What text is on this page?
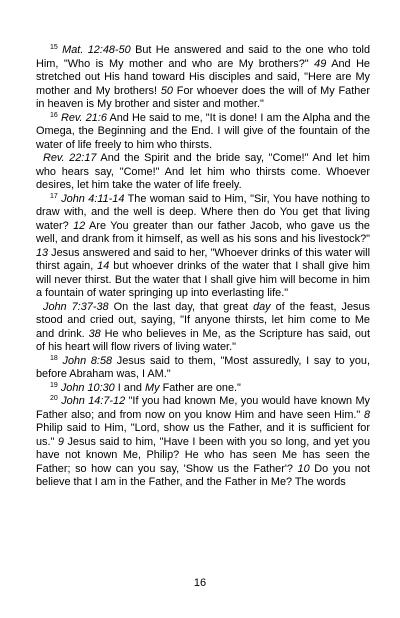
$^{15}$ Mat. 12:48-50 But He answered and said to the one who told Him, "Who is My mother and who are My brothers?" 49 And He stretched out His hand toward His disciples and said, "Here are My mother and My brothers! 50 For whoever does the will of My Father in heaven is My brother and sister and mother."

$^{16}$ Rev. 21:6 And He said to me, "It is done! I am the Alpha and the Omega, the Beginning and the End. I will give of the fountain of the water of life freely to him who thirsts.

Rev. 22:17 And the Spirit and the bride say, "Come!" And let him who hears say, "Come!" And let him who thirsts come. Whoever desires, let him take the water of life freely.

$^{17}$ John 4:11-14 The woman said to Him, "Sir, You have nothing to draw with, and the well is deep. Where then do You get that living water? 12 Are You greater than our father Jacob, who gave us the well, and drank from it himself, as well as his sons and his livestock?" 13 Jesus answered and said to her, "Whoever drinks of this water will thirst again, 14 but whoever drinks of the water that I shall give him will never thirst. But the water that I shall give him will become in him a fountain of water springing up into everlasting life."

John 7:37-38 On the last day, that great day of the feast, Jesus stood and cried out, saying, "If anyone thirsts, let him come to Me and drink. 38 He who believes in Me, as the Scripture has said, out of his heart will flow rivers of living water."

$^{18}$ John 8:58 Jesus said to them, "Most assuredly, I say to you, before Abraham was, I AM."

$^{19}$ John 10:30 I and My Father are one."

$^{20}$ John 14:7-12 "If you had known Me, you would have known My Father also; and from now on you know Him and have seen Him." 8 Philip said to Him, "Lord, show us the Father, and it is sufficient for us." 9 Jesus said to him, "Have I been with you so long, and yet you have not known Me, Philip? He who has seen Me has seen the Father; so how can you say, 'Show us the Father'? 10 Do you not believe that I am in the Father, and the Father in Me? The words

16
